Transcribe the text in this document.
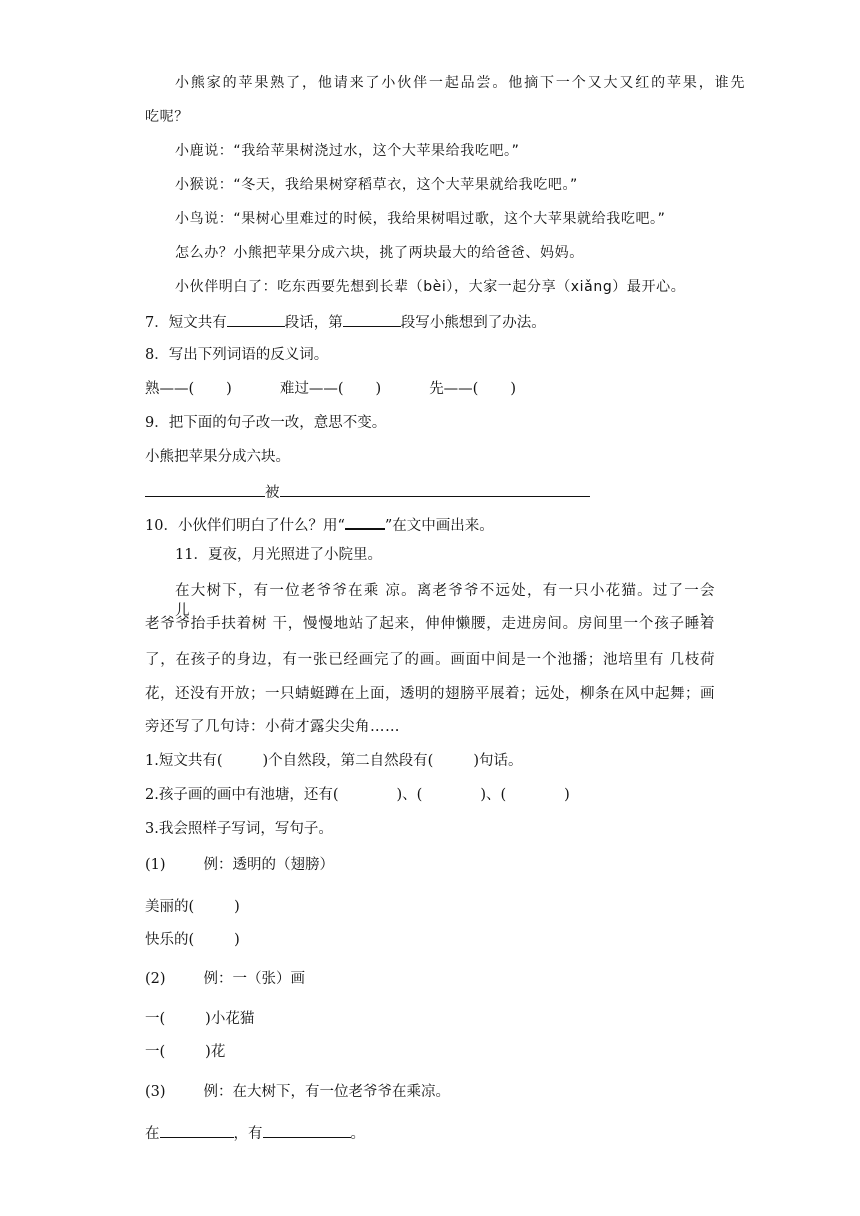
小熊家的苹果熟了，他请来了小伙伴一起品尝。他摘下一个又大又红的苹果，谁先
吃呢？
小鹿说：“我给苹果树浇过水，这个大苹果给我吃吧。”
小猴说：“冬天，我给果树穿稻草衣，这个大苹果就给我吃吧。”
小鸟说：“果树心里难过的时候，我给果树唱过歌，这个大苹果就给我吃吧。”
怎么办？小熊把苹果分成六块，挑了两块最大的给爸爸、妈妈。
小伙伴明白了：吃东西要先想到长辈（bèi），大家一起分享（xiǎng）最开心。
7．短文共有	段话，第	段写小熊想到了办法。
8．写出下列词语的反义词。
熟——( )	难过——( )	先——( )
9．把下面的句子改一改，意思不变。
小熊把苹果分成六块。
被
10．小伙伴们明白了什么？用“	”在文中画出来。
11．夏夜，月光照进了小院里。
在大树下，有一位老爷爷在乘 凉。离老爷爷不远处，有一只小花猫。过了一会儿，
老爷爷抬手扶着树 干，慢慢地站了起来，伸伸懒腰，走进房间。房间里一个孩子睡着
了，在孩子的身边，有一张已经画完了的画。画面中间是一个池播；池培里有 几枝荷
花，还没有开放；一只蜻蜓蹲在上面，透明的翅膀平展着；远处，柳条在风中起舞；画
旁还写了几句诗：小荷才露尖尖角……
1.短文共有(	)个自然段，第二自然段有(	)句话。
2.孩子画的画中有池塘，还有(	)、(	)、(	)
3.我会照样子写词，写句子。
(1)	例：透明的（翅膀）
美丽的(	)
快乐的(	)
(2)	例：一（张）画
一(	)小花猫
一(	)花
(3)	例：在大树下，有一位老爷爷在乘凉。
在	，有	。
